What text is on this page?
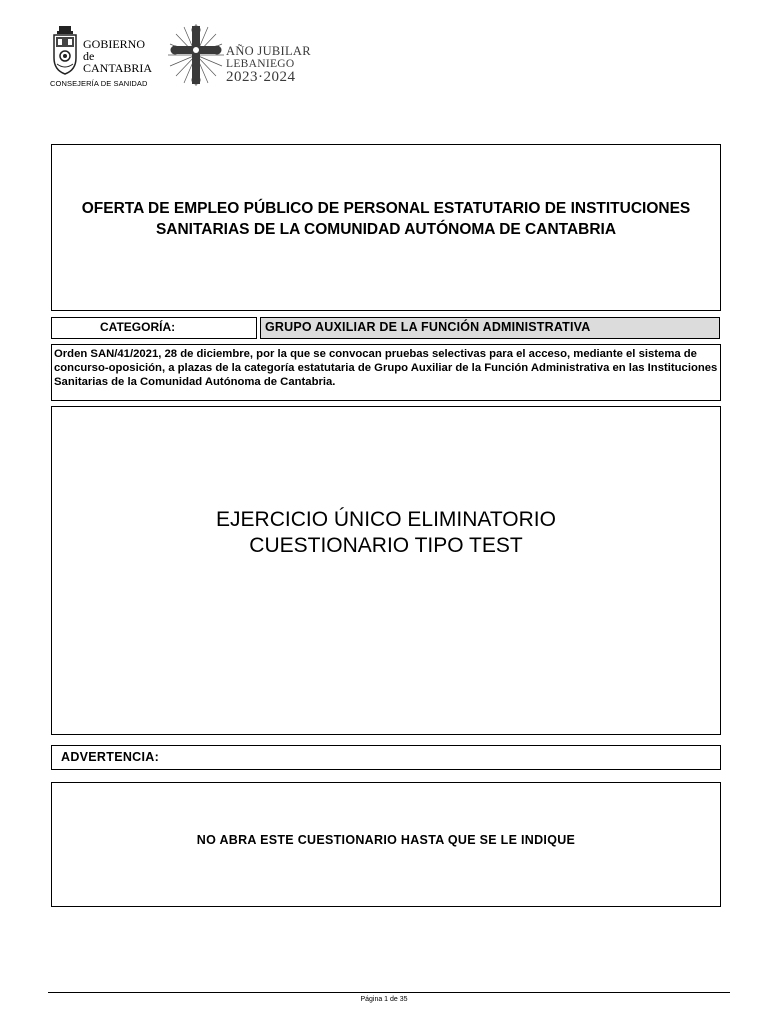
GOBIERNO
de
CANTABRIA
CONSEJERÍA DE SANIDAD
AÑO JUBILAR
LEBANIEGO
2023·2024
OFERTA DE EMPLEO PÚBLICO DE PERSONAL ESTATUTARIO DE INSTITUCIONES SANITARIAS DE LA COMUNIDAD AUTÓNOMA DE CANTABRIA
CATEGORÍA:	GRUPO AUXILIAR DE LA FUNCIÓN ADMINISTRATIVA
Orden SAN/41/2021, 28 de diciembre, por la que se convocan pruebas selectivas para el acceso, mediante el sistema de concurso-oposición, a plazas de la categoría estatutaria de Grupo Auxiliar de la Función Administrativa en las Instituciones Sanitarias de la Comunidad Autónoma de Cantabria.
EJERCICIO ÚNICO ELIMINATORIO
CUESTIONARIO TIPO TEST
ADVERTENCIA:
NO ABRA ESTE CUESTIONARIO HASTA QUE SE LE INDIQUE
Página 1 de 35
